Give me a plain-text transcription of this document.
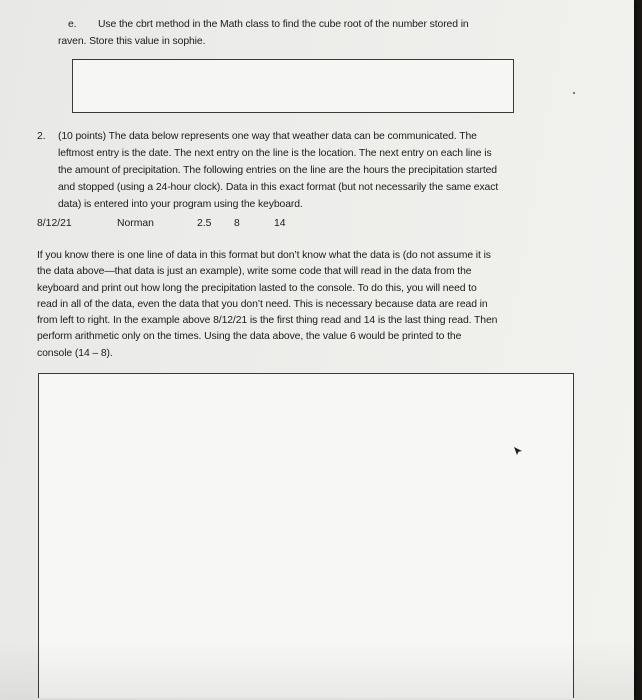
e. Use the cbrt method in the Math class to find the cube root of the number stored in
raven. Store this value in sophie.
2. (10 points) The data below represents one way that weather data can be communicated. The
leftmost entry is the date. The next entry on the line is the location. The next entry on each line is
the amount of precipitation. The following entries on the line are the hours the precipitation started
and stopped (using a 24-hour clock). Data in this exact format (but not necessarily the same exact
data) is entered into your program using the keyboard.
8/12/21	Norman	2.5 8	14
If you know there is one line of data in this format but don’t know what the data is (do not assume it is
the data above—that data is just an example), write some code that will read in the data from the
keyboard and print out how long the precipitation lasted to the console. To do this, you will need to
read in all of the data, even the data that you don’t need. This is necessary because data are read in
from left to right. In the example above 8/12/21 is the first thing read and 14 is the last thing read. Then
perform arithmetic only on the times. Using the data above, the value 6 would be printed to the
console (14 – 8).
